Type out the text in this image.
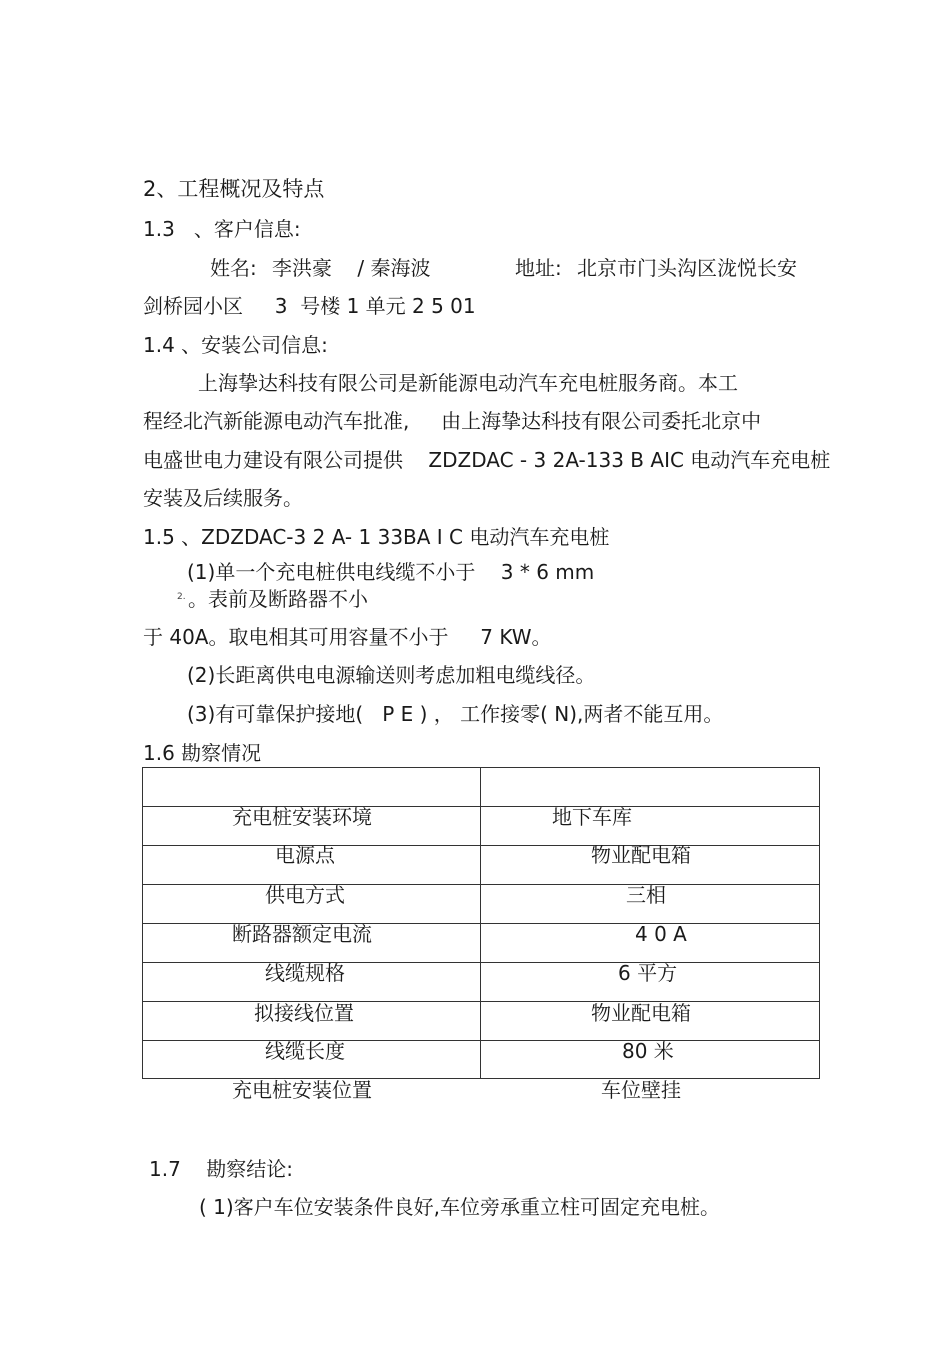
2、工程概况及特点
1.3   、客户信息:
姓名: 李洪豪    / 秦海波	地址: 北京市门头沟区泷悦长安
剑桥园小区     3  号楼 1 单元 2 5 01
1.4 、安装公司信息:
上海挚达科技有限公司是新能源电动汽车充电桩服务商。本工
程经北汽新能源电动汽车批准,     由上海挚达科技有限公司委托北京中
电盛世电力建设有限公司提供    ZDZDAC - 3 2A-133 B AIC 电动汽车充电桩
安装及后续服务。
1.5 、ZDZDAC-3 2 A- 1 33BA Ⅰ C 电动汽车充电桩
(1)单一个充电桩供电线缆不小于    3 * 6 mm
2. 。表前及断路器不小
于 40A。取电相其可用容量不小于     7 KW。
(2)长距离供电电源输送则考虑加粗电缆线径。
(3)有可靠保护接地(   P E ) ， 工作接零( N),两者不能互用。
1.6 勘察情况
充电桩安装环境	地下车库
电源点	物业配电箱
供电方式	三相
断路器额定电流	4 0 A
线缆规格	6 平方
拟接线位置	物业配电箱
线缆长度	80 米
充电桩安装位置	车位壁挂
1.7    勘察结论:
( 1)客户车位安装条件良好,车位旁承重立柱可固定充电桩。
